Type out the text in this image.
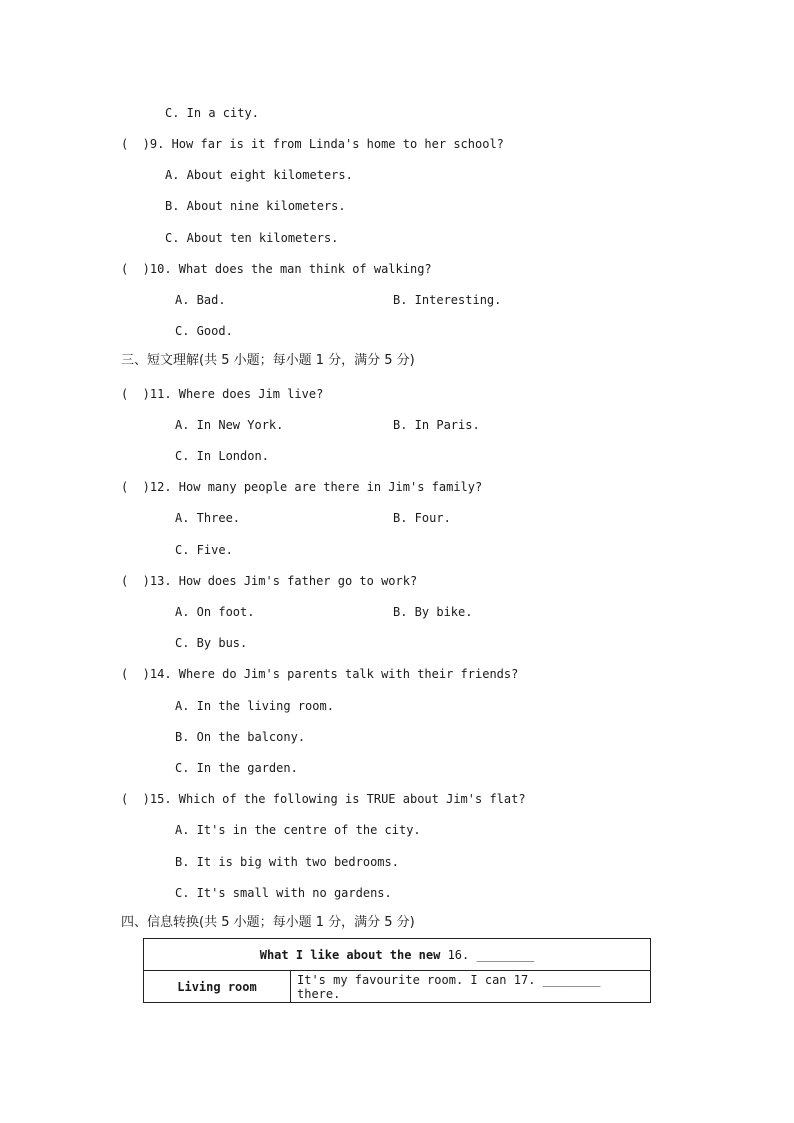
C. In a city.
(  )9. How far is it from Linda's home to her school?
A. About eight kilometers.
B. About nine kilometers.
C. About ten kilometers.
(  )10. What does the man think of walking?
A. Bad.	B. Interesting.
C. Good.
三、短文理解(共 5 小题；每小题 1 分，满分 5 分)
(  )11. Where does Jim live?
A. In New York.	B. In Paris.
C. In London.
(  )12. How many people are there in Jim's family?
A. Three.	B. Four.
C. Five.
(  )13. How does Jim's father go to work?
A. On foot.	B. By bike.
C. By bus.
(  )14. Where do Jim's parents talk with their friends?
A. In the living room.
B. On the balcony.
C. In the garden.
(  )15. Which of the following is TRUE about Jim's flat?
A. It's in the centre of the city.
B. It is big with two bedrooms.
C. It's small with no gardens.
四、信息转换(共 5 小题；每小题 1 分，满分 5 分)
What I like about the new 16. ________
Living room	It's my favourite room. I can 17. ________ there.
